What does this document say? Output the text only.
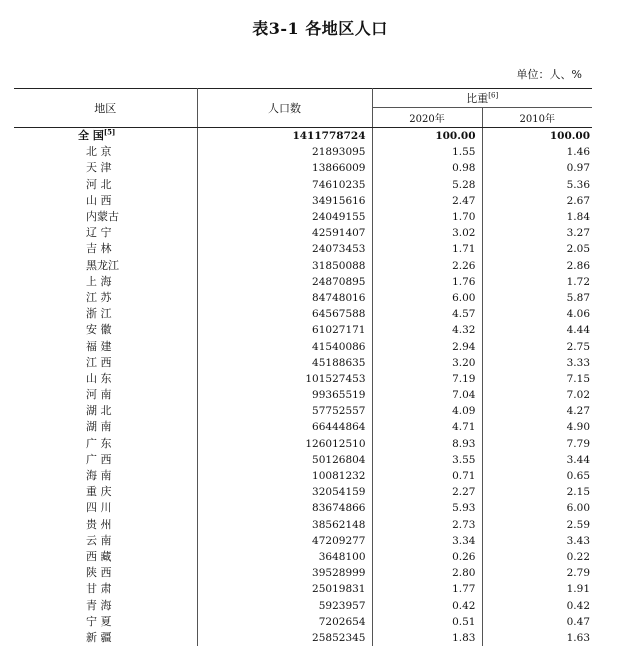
表3-1 各地区人口
单位：人、%
地区	人口数	比重[6]
		2020年	2010年
全 国[5]	1411778724	100.00	100.00
北 京	21893095	1.55	1.46
天 津	13866009	0.98	0.97
河 北	74610235	5.28	5.36
山 西	34915616	2.47	2.67
内蒙古	24049155	1.70	1.84
辽 宁	42591407	3.02	3.27
吉 林	24073453	1.71	2.05
黑龙江	31850088	2.26	2.86
上 海	24870895	1.76	1.72
江 苏	84748016	6.00	5.87
浙 江	64567588	4.57	4.06
安 徽	61027171	4.32	4.44
福 建	41540086	2.94	2.75
江 西	45188635	3.20	3.33
山 东	101527453	7.19	7.15
河 南	99365519	7.04	7.02
湖 北	57752557	4.09	4.27
湖 南	66444864	4.71	4.90
广 东	126012510	8.93	7.79
广 西	50126804	3.55	3.44
海 南	10081232	0.71	0.65
重 庆	32054159	2.27	2.15
四 川	83674866	5.93	6.00
贵 州	38562148	2.73	2.59
云 南	47209277	3.34	3.43
西 藏	3648100	0.26	0.22
陕 西	39528999	2.80	2.79
甘 肃	25019831	1.77	1.91
青 海	5923957	0.42	0.42
宁 夏	7202654	0.51	0.47
新 疆	25852345	1.83	1.63
